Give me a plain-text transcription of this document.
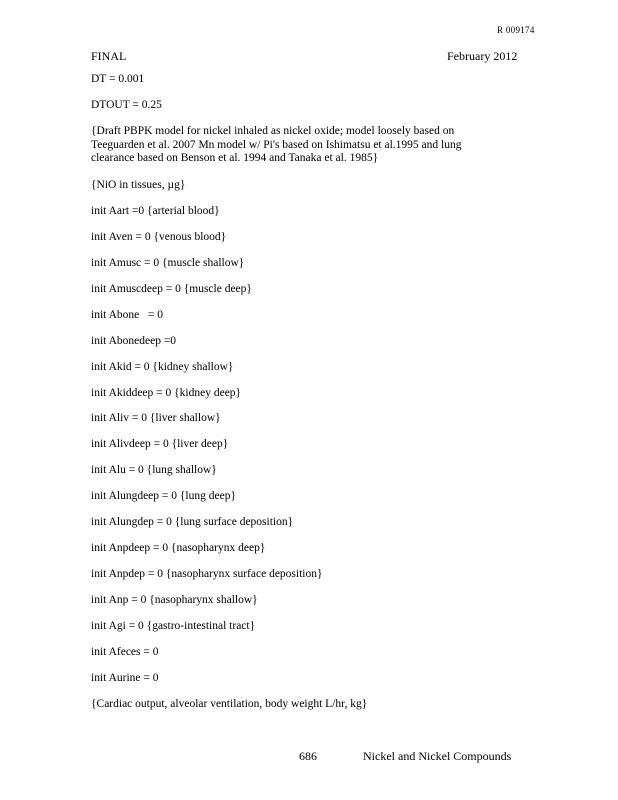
R 009174
FINAL	February 2012
DT = 0.001
DTOUT = 0.25
{Draft PBPK model for nickel inhaled as nickel oxide; model loosely based on
Teeguarden et al. 2007 Mn model w/ Pi's based on Ishimatsu et al.1995 and lung
clearance based on Benson et al. 1994 and Tanaka et al. 1985}
{NiO in tissues, µg}
init Aart =0 {arterial blood}
init Aven = 0 {venous blood}
init Amusc = 0 {muscle shallow}
init Amuscdeep = 0 {muscle deep}
init Abone   = 0
init Abonedeep =0
init Akid = 0 {kidney shallow}
init Akiddeep = 0 {kidney deep}
init Aliv = 0 {liver shallow}
init Alivdeep = 0 {liver deep}
init Alu = 0 {lung shallow}
init Alungdeep = 0 {lung deep}
init Alungdep = 0 {lung surface deposition}
init Anpdeep = 0 {nasopharynx deep}
init Anpdep = 0 {nasopharynx surface deposition}
init Anp = 0 {nasopharynx shallow}
init Agi = 0 {gastro-intestinal tract}
init Afeces = 0
init Aurine = 0
{Cardiac output, alveolar ventilation, body weight L/hr, kg}
686	Nickel and Nickel Compounds
